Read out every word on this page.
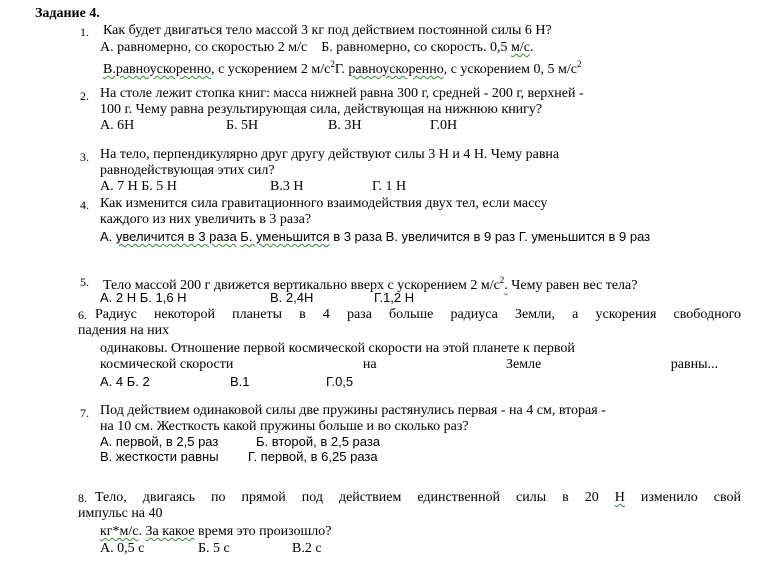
Задание 4.
1. Как будет двигаться тело массой 3 кг под действием постоянной силы 6 Н?
А. равномерно, со скоростью 2 м/с Б. равномерно, со скорость. 0,5 м/с.
В.равноускоренно, с ускорением 2 $м/с^2Г$. равноускоренно, с ускорением 0, 5 $м/с^2$
2. На столе лежит стопка книг: масса нижней равна 300 г, средней - 200 г, верхней -
100 г. Чему равна результирующая сила, действующая на нижнюю книгу?
А. 6Н	Б. 5Н	В. 3Н	Г.0Н
3. На тело, перпендикулярно друг другу действуют силы 3 Н и 4 Н. Чему равна
равнодействующая этих сил?
А. 7 Н Б. 5 Н	В.3 Н	Г. 1 Н
4. Как изменится сила гравитационного взаимодействия двух тел, если массу
каждого из них увеличить в 3 раза?
А. увеличится в 3 раза Б. уменьшится в 3 раза В. увеличится в 9 раз Г. уменьшится в 9 раз
5. Тело массой 200 г движется вертикально вверх с ускорением 2 $м/с^2$. Чему равен вес тела?
А. 2 Н Б. 1,6 Н	В. 2,4Н	Г.1,2 Н
6. Радиус некоторой планеты в 4 раза больше радиуса Земли, а ускорения свободного
падения на них
одинаковы. Отношение первой космической скорости на этой планете к первой
космической скорости	на	Земле	равны...
А. 4 Б. 2	В.1	Г.0,5
7. Под действием одинаковой силы две пружины растянулись первая - на 4 см, вторая -
на 10 см. Жесткость какой пружины больше и во сколько раз?
А. первой, в 2,5 раз	Б. второй, в 2,5 раза
В. жесткости равны Г. первой, в 6,25 раза
8. Тело, двигаясь по прямой под действием единственной силы в 20 Н изменило свой
импульс на 40
кг*м/с. За какое время это произошло?
А. 0,5 с	Б. 5 с	В.2 с
